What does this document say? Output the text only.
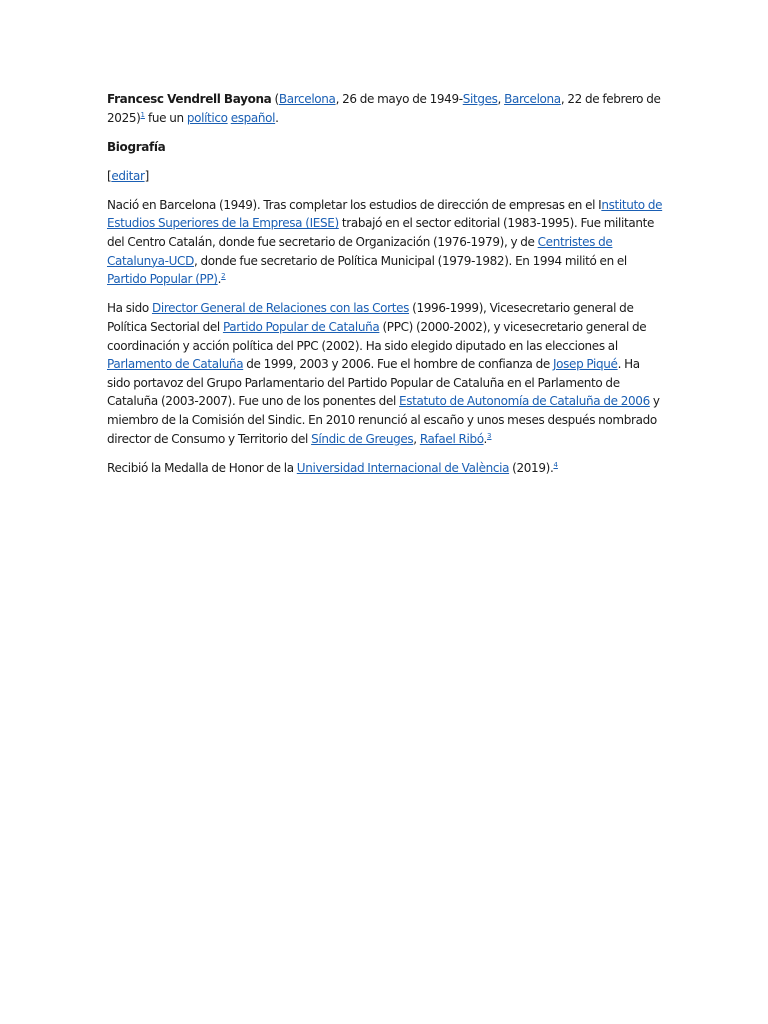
Francesc Vendrell Bayona (Barcelona, 26 de mayo de 1949-Sitges, Barcelona, 22 de febrero de 2025)$^1$ fue un político español.

Biografía

[editar]

Nació en Barcelona (1949). Tras completar los estudios de dirección de empresas en el Instituto de Estudios Superiores de la Empresa (IESE) trabajó en el sector editorial (1983-1995). Fue militante del Centro Catalán, donde fue secretario de Organización (1976-1979), y de Centristes de Catalunya-UCD, donde fue secretario de Política Municipal (1979-1982). En 1994 militó en el Partido Popular (PP).$^2$

Ha sido Director General de Relaciones con las Cortes (1996-1999), Vicesecretario general de Política Sectorial del Partido Popular de Cataluña (PPC) (2000-2002), y vicesecretario general de coordinación y acción política del PPC (2002). Ha sido elegido diputado en las elecciones al Parlamento de Cataluña de 1999, 2003 y 2006. Fue el hombre de confianza de Josep Piqué. Ha sido portavoz del Grupo Parlamentario del Partido Popular de Cataluña en el Parlamento de Cataluña (2003-2007). Fue uno de los ponentes del Estatuto de Autonomía de Cataluña de 2006 y miembro de la Comisión del Sindic. En 2010 renunció al escaño y unos meses después nombrado director de Consumo y Territorio del Síndic de Greuges, Rafael Ribó.$^3$

Recibió la Medalla de Honor de la Universidad Internacional de València (2019).$^4$
